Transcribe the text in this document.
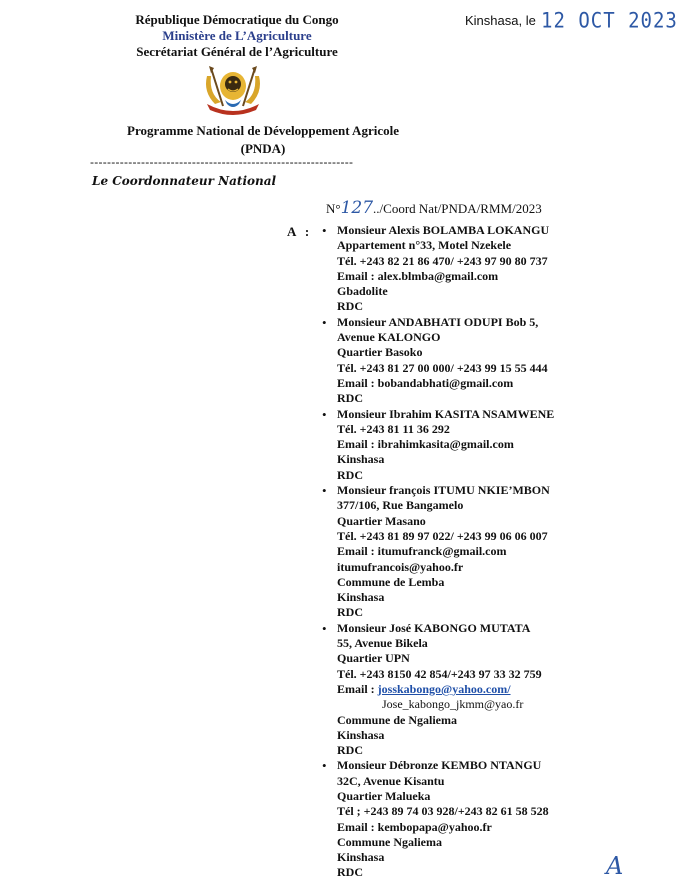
République Démocratique du Congo
Ministère de L’Agriculture
Secrétariat Général de l’Agriculture
Kinshasa, le 12 OCT 2023
Programme National de Développement Agricole
(PNDA)
--------------------------------------------------------------
Le Coordonnateur National
N°127../Coord Nat/PNDA/RMM/2023
A :
• Monsieur Alexis BOLAMBA LOKANGU
Appartement n°33, Motel Nzekele
Tél. +243 82 21 86 470/ +243 97 90 80 737
Email : alex.blmba@gmail.com
Gbadolite
RDC
• Monsieur ANDABHATI ODUPI Bob 5,
Avenue KALONGO
Quartier Basoko
Tél. +243 81 27 00 000/ +243 99 15 55 444
Email : bobandabhati@gmail.com
RDC
• Monsieur Ibrahim KASITA NSAMWENE
Tél. +243 81 11 36 292
Email : ibrahimkasita@gmail.com
Kinshasa
RDC
• Monsieur françois ITUMU NKIE’MBON
377/106, Rue Bangamelo
Quartier Masano
Tél. +243 81 89 97 022/ +243 99 06 06 007
Email : itumufranck@gmail.com
itumufrancois@yahoo.fr
Commune de Lemba
Kinshasa
RDC
• Monsieur José KABONGO MUTATA
55, Avenue Bikela
Quartier UPN
Tél. +243 8150 42 854/+243 97 33 32 759
Email : josskabongo@yahoo.com/
Jose_kabongo_jkmm@yao.fr
Commune de Ngaliema
Kinshasa
RDC
• Monsieur Débronze KEMBO NTANGU
32C, Avenue Kisantu
Quartier Malueka
Tél ; +243 89 74 03 928/+243 82 61 58 528
Email : kembopapa@yahoo.fr
Commune Ngaliema
Kinshasa
RDC	A
